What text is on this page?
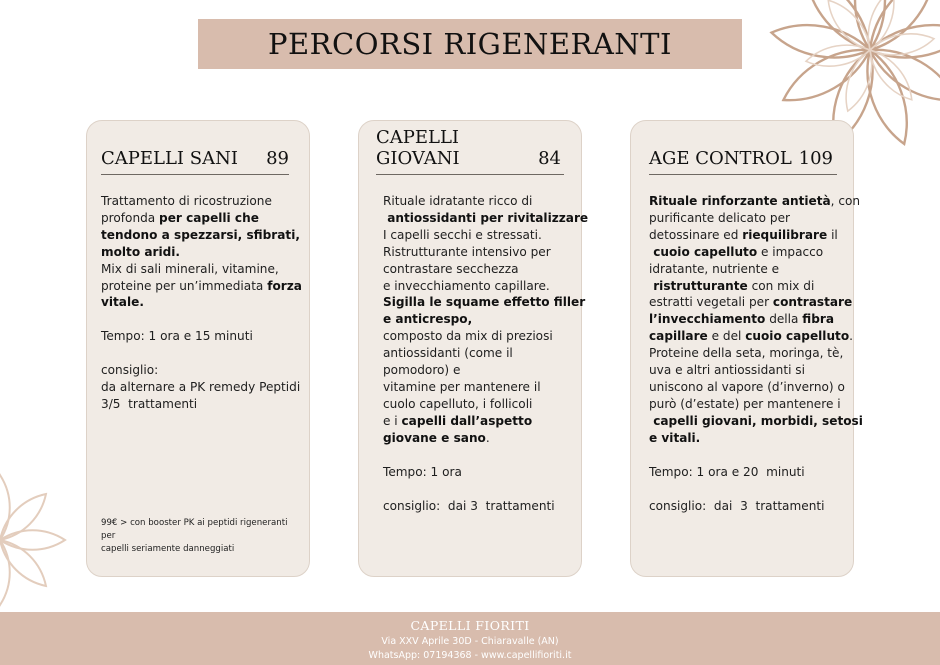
PERCORSI RIGENERANTI
CAPELLI SANI 89

Trattamento di ricostruzione
profonda per capelli che
tendono a spezzarsi, sfibrati,
molto aridi.
Mix di sali minerali, vitamine,
proteine per un’immediata forza
vitale.

Tempo: 1 ora e 15 minuti

consiglio:
da alternare a PK remedy Peptidi
3/5  trattamenti

99€ > con booster PK ai peptidi rigeneranti per
capelli seriamente danneggiati
CAPELLI GIOVANI	84

Rituale idratante ricco di
antiossidanti per rivitalizzare
I capelli secchi e stressati.
Ristrutturante intensivo per
contrastare secchezza
e invecchiamento capillare.
Sigilla le squame effetto filler
e anticrespo,
composto da mix di preziosi
antiossidanti (come il
pomodoro) e
vitamine per mantenere il
cuolo capelluto, i follicoli
e i capelli dall’aspetto
giovane e sano.

Tempo: 1 ora

consiglio:  dai 3  trattamenti

AGE CONTROL 109

Rituale rinforzante antietà, con
purificante delicato per
detossinare ed riequilibrare il
cuoio capelluto e impacco
idratante, nutriente e
ristrutturante con mix di
estratti vegetali per contrastare
l’invecchiamento della fibra
capillare e del cuoio capelluto.
Proteine della seta, moringa, tè,
uva e altri antiossidanti si
uniscono al vapore (d’inverno) o
purò (d’estate) per mantenere i
capelli giovani, morbidi, setosi
e vitali.

Tempo: 1 ora e 20  minuti

consiglio:  dai  3  trattamenti

CAPELLI FIORITI
Via XXV Aprile 30D - Chiaravalle (AN)
WhatsApp: 07194368 - www.capellifioriti.it
